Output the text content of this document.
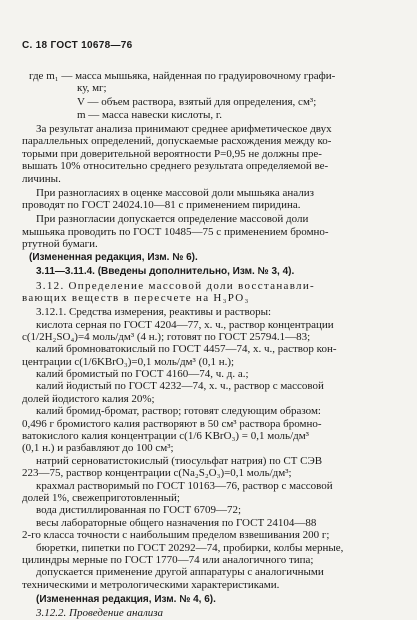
С. 18 ГОСТ 10678—76
где m₁ — масса мышьяка, найденная по градуировочному графи-
ку, мг;
V — объем раствора, взятый для определения, см³;
m — масса навески кислоты, г.
За результат анализа принимают среднее арифметическое двух
параллельных определений, допускаемые расхождения между ко-
торыми при доверительной вероятности P=0,95 не должны пре-
вышать 10% относительно среднего результата определяемой ве-
личины.
При разногласиях в оценке массовой доли мышьяка анализ
проводят по ГОСТ 24024.10—81 с применением пиридина.
При разногласии допускается определение массовой доли
мышьяка проводить по ГОСТ 10485—75 с применением бромно-
ртутной бумаги.
(Измененная редакция, Изм. № 6).
3.11—3.11.4. (Введены дополнительно, Изм. № 3, 4).
3.12. Определение массовой доли восстанавли-
вающих веществ в пересчете на H₃PO₃
3.12.1. Средства измерения, реактивы и растворы:
кислота серная по ГОСТ 4204—77, х. ч., раствор концентрации
c(1/2H₂SO₄)=4 моль/дм³ (4 н.); готовят по ГОСТ 25794.1—83;
калий бромноватокислый по ГОСТ 4457—74, х. ч., раствор кон-
центрации c(1/6KBrO₃)=0,1 моль/дм³ (0,1 н.);
калий бромистый по ГОСТ 4160—74, ч. д. а.;
калий йодистый по ГОСТ 4232—74, х. ч., раствор с массовой
долей йодистого калия 20%;
калий бромид-бромат, раствор; готовят следующим образом:
0,496 г бромистого калия растворяют в 50 см³ раствора бромно-
ватокислого калия концентрации c(1/6 KBrO₃) = 0,1 моль/дм³
(0,1 н.) и разбавляют до 100 см³;
натрий серноватистокислый (тиосульфат натрия) по СТ СЭВ
223—75, раствор концентрации c(Na₂S₂O₃)=0,1 моль/дм³;
крахмал растворимый по ГОСТ 10163—76, раствор с массовой
долей 1%, свежеприготовленный;
вода дистиллированная по ГОСТ 6709—72;
весы лабораторные общего назначения по ГОСТ 24104—88
2-го класса точности с наибольшим пределом взвешивания 200 г;
бюретки, пипетки по ГОСТ 20292—74, пробирки, колбы мерные,
цилиндры мерные по ГОСТ 1770—74 или аналогичного типа;
допускается применение другой аппаратуры с аналогичными
техническими и метрологическими характеристиками.
(Измененная редакция, Изм. № 4, 6).
3.12.2. Проведение анализа
